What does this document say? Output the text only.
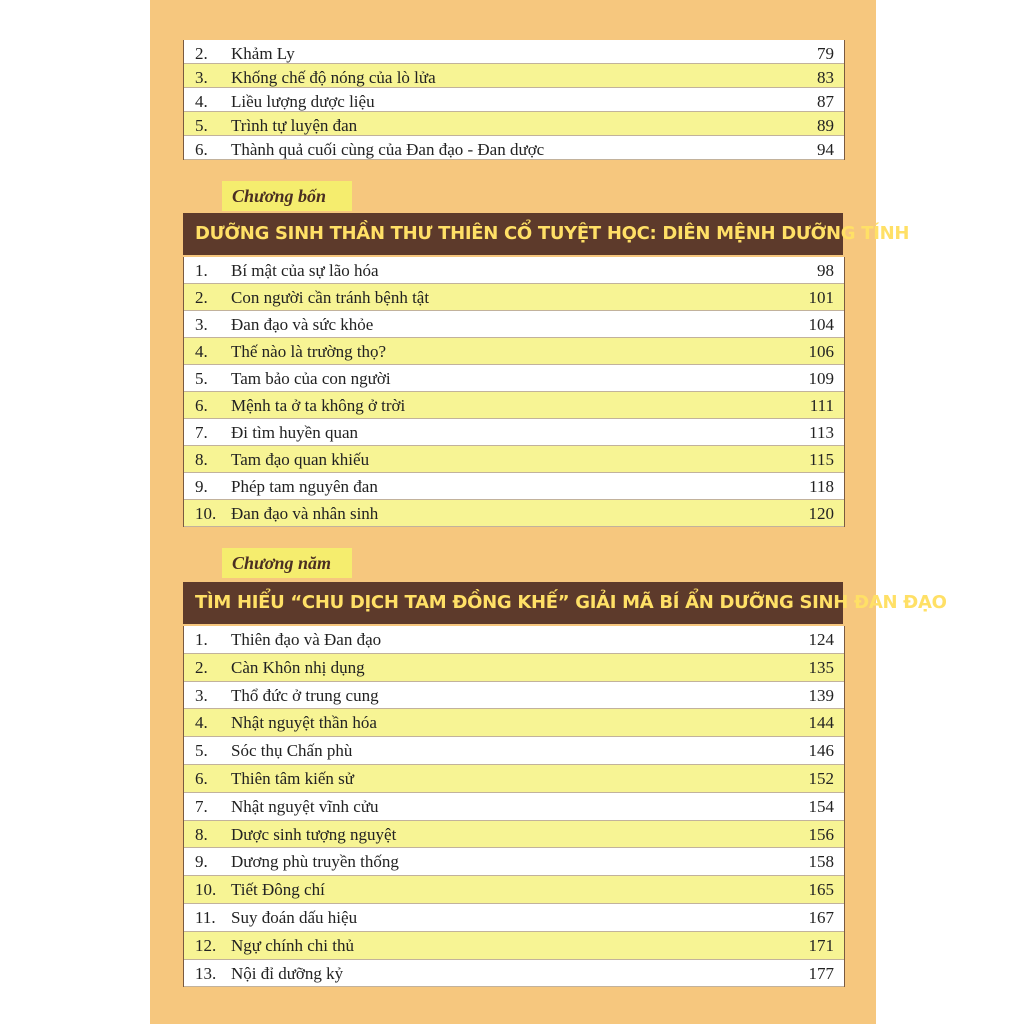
2. Khảm Ly	79
3. Khống chế độ nóng của lò lửa	83
4. Liều lượng dược liệu	87
5. Trình tự luyện đan	89
6. Thành quả cuối cùng của Đan đạo - Đan dược	94
Chương bốn
DƯỠNG SINH THẦN THƯ THIÊN CỔ TUYỆT HỌC: DIÊN MỆNH DƯỠNG TÍNH
1. Bí mật của sự lão hóa	98
2. Con người cần tránh bệnh tật	101
3. Đan đạo và sức khỏe	104
4. Thế nào là trường thọ?	106
5. Tam bảo của con người	109
6. Mệnh ta ở ta không ở trời	111
7. Đi tìm huyền quan	113
8. Tam đạo quan khiếu	115
9. Phép tam nguyên đan	118
10. Đan đạo và nhân sinh	120
Chương năm
TÌM HIỂU “CHU DỊCH TAM ĐỒNG KHẾ” GIẢI MÃ BÍ ẨN DƯỠNG SINH ĐAN ĐẠO
1. Thiên đạo và Đan đạo	124
2. Càn Khôn nhị dụng	135
3. Thổ đức ở trung cung	139
4. Nhật nguyệt thần hóa	144
5. Sóc thụ Chấn phù	146
6. Thiên tâm kiến sử	152
7. Nhật nguyệt vĩnh cửu	154
8. Dược sinh tượng nguyệt	156
9. Dương phù truyền thống	158
10. Tiết Đông chí	165
11. Suy đoán dấu hiệu	167
12. Ngự chính chi thủ	171
13. Nội đỉ dưỡng kỷ	177
